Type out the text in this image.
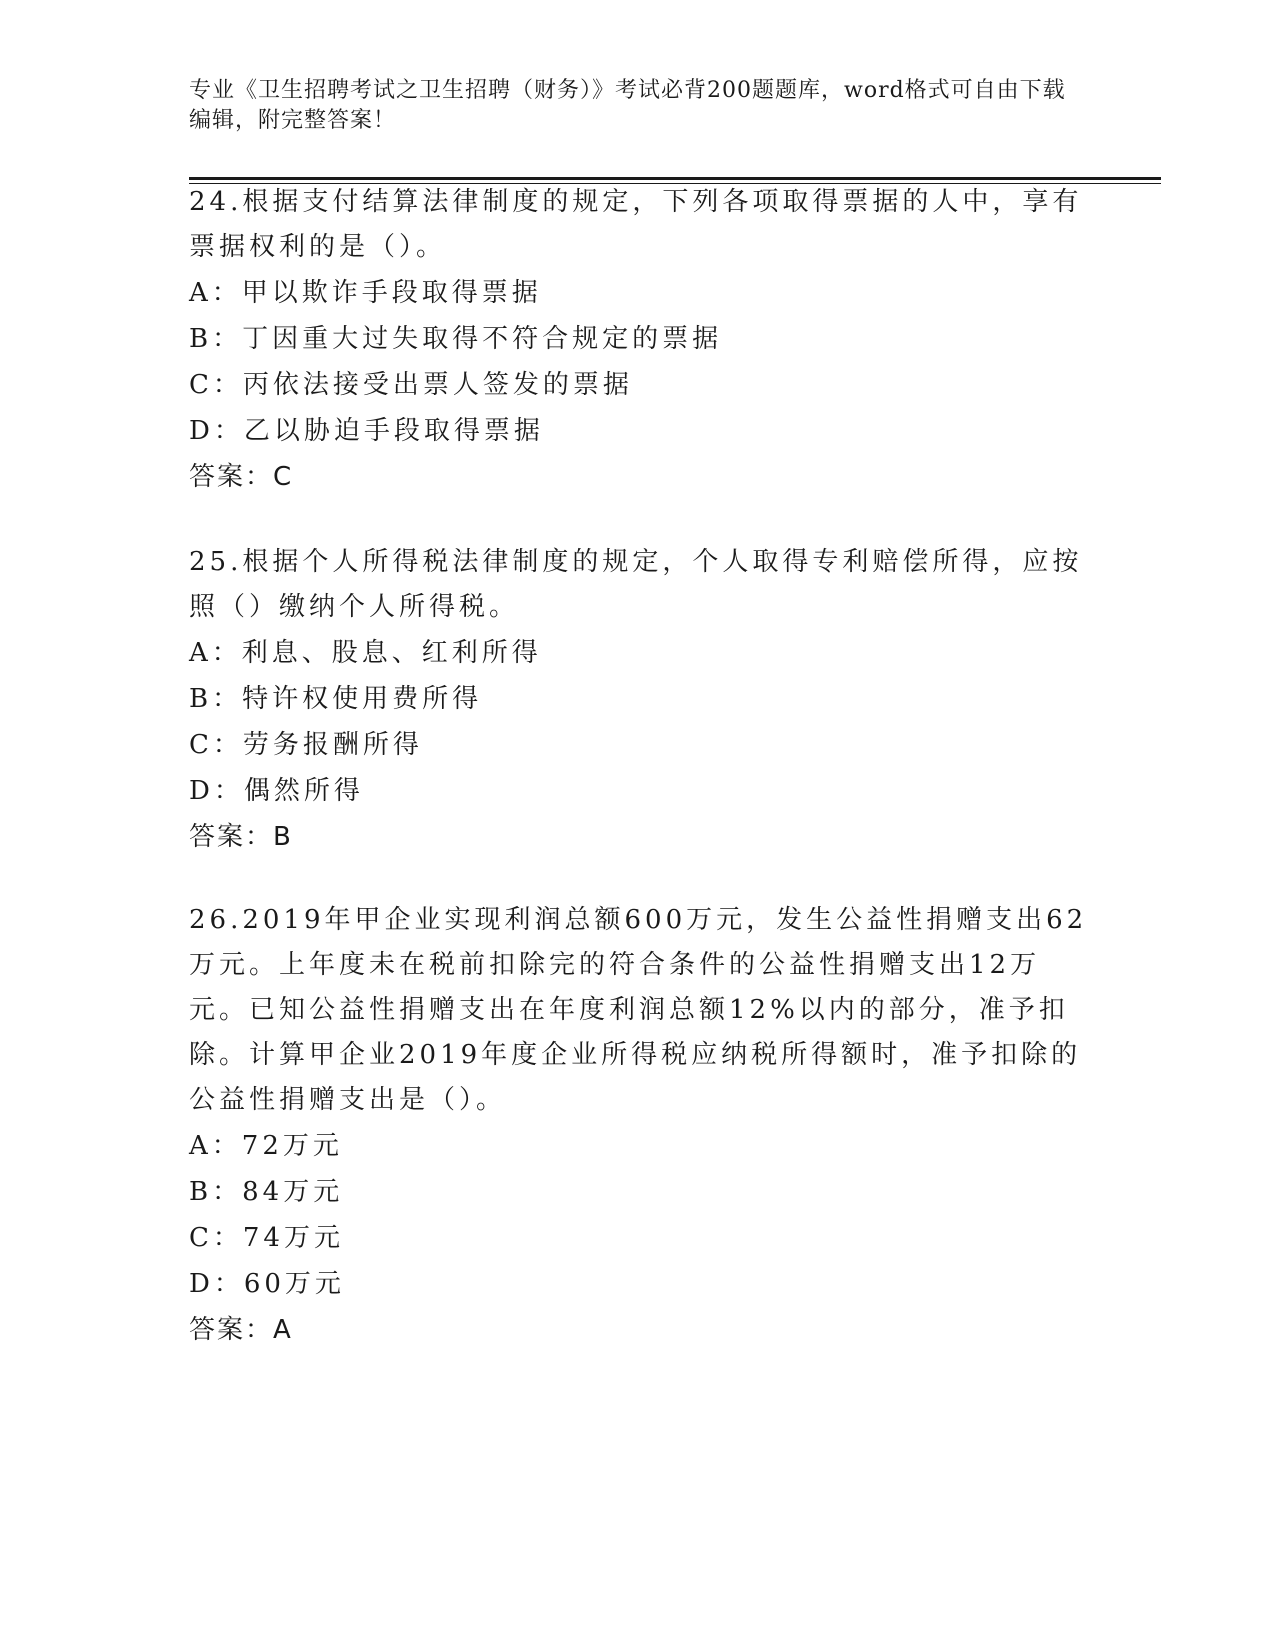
专业《卫生招聘考试之卫生招聘（财务）》考试必背200题题库，word格式可自由下载编辑，附完整答案！

24.根据支付结算法律制度的规定，下列各项取得票据的人中，享有票据权利的是（）。

A：甲以欺诈手段取得票据

B：丁因重大过失取得不符合规定的票据

C：丙依法接受出票人签发的票据

D：乙以胁迫手段取得票据

答案：C

25.根据个人所得税法律制度的规定，个人取得专利赔偿所得，应按照（）缴纳个人所得税。

A：利息、股息、红利所得

B：特许权使用费所得

C：劳务报酬所得

D：偶然所得

答案：B

26.2019年甲企业实现利润总额600万元，发生公益性捐赠支出62万元。上年度未在税前扣除完的符合条件的公益性捐赠支出12万元。已知公益性捐赠支出在年度利润总额12%以内的部分，准予扣除。计算甲企业2019年度企业所得税应纳税所得额时，准予扣除的公益性捐赠支出是（）。

A：72万元

B：84万元

C：74万元

D：60万元

答案：A
